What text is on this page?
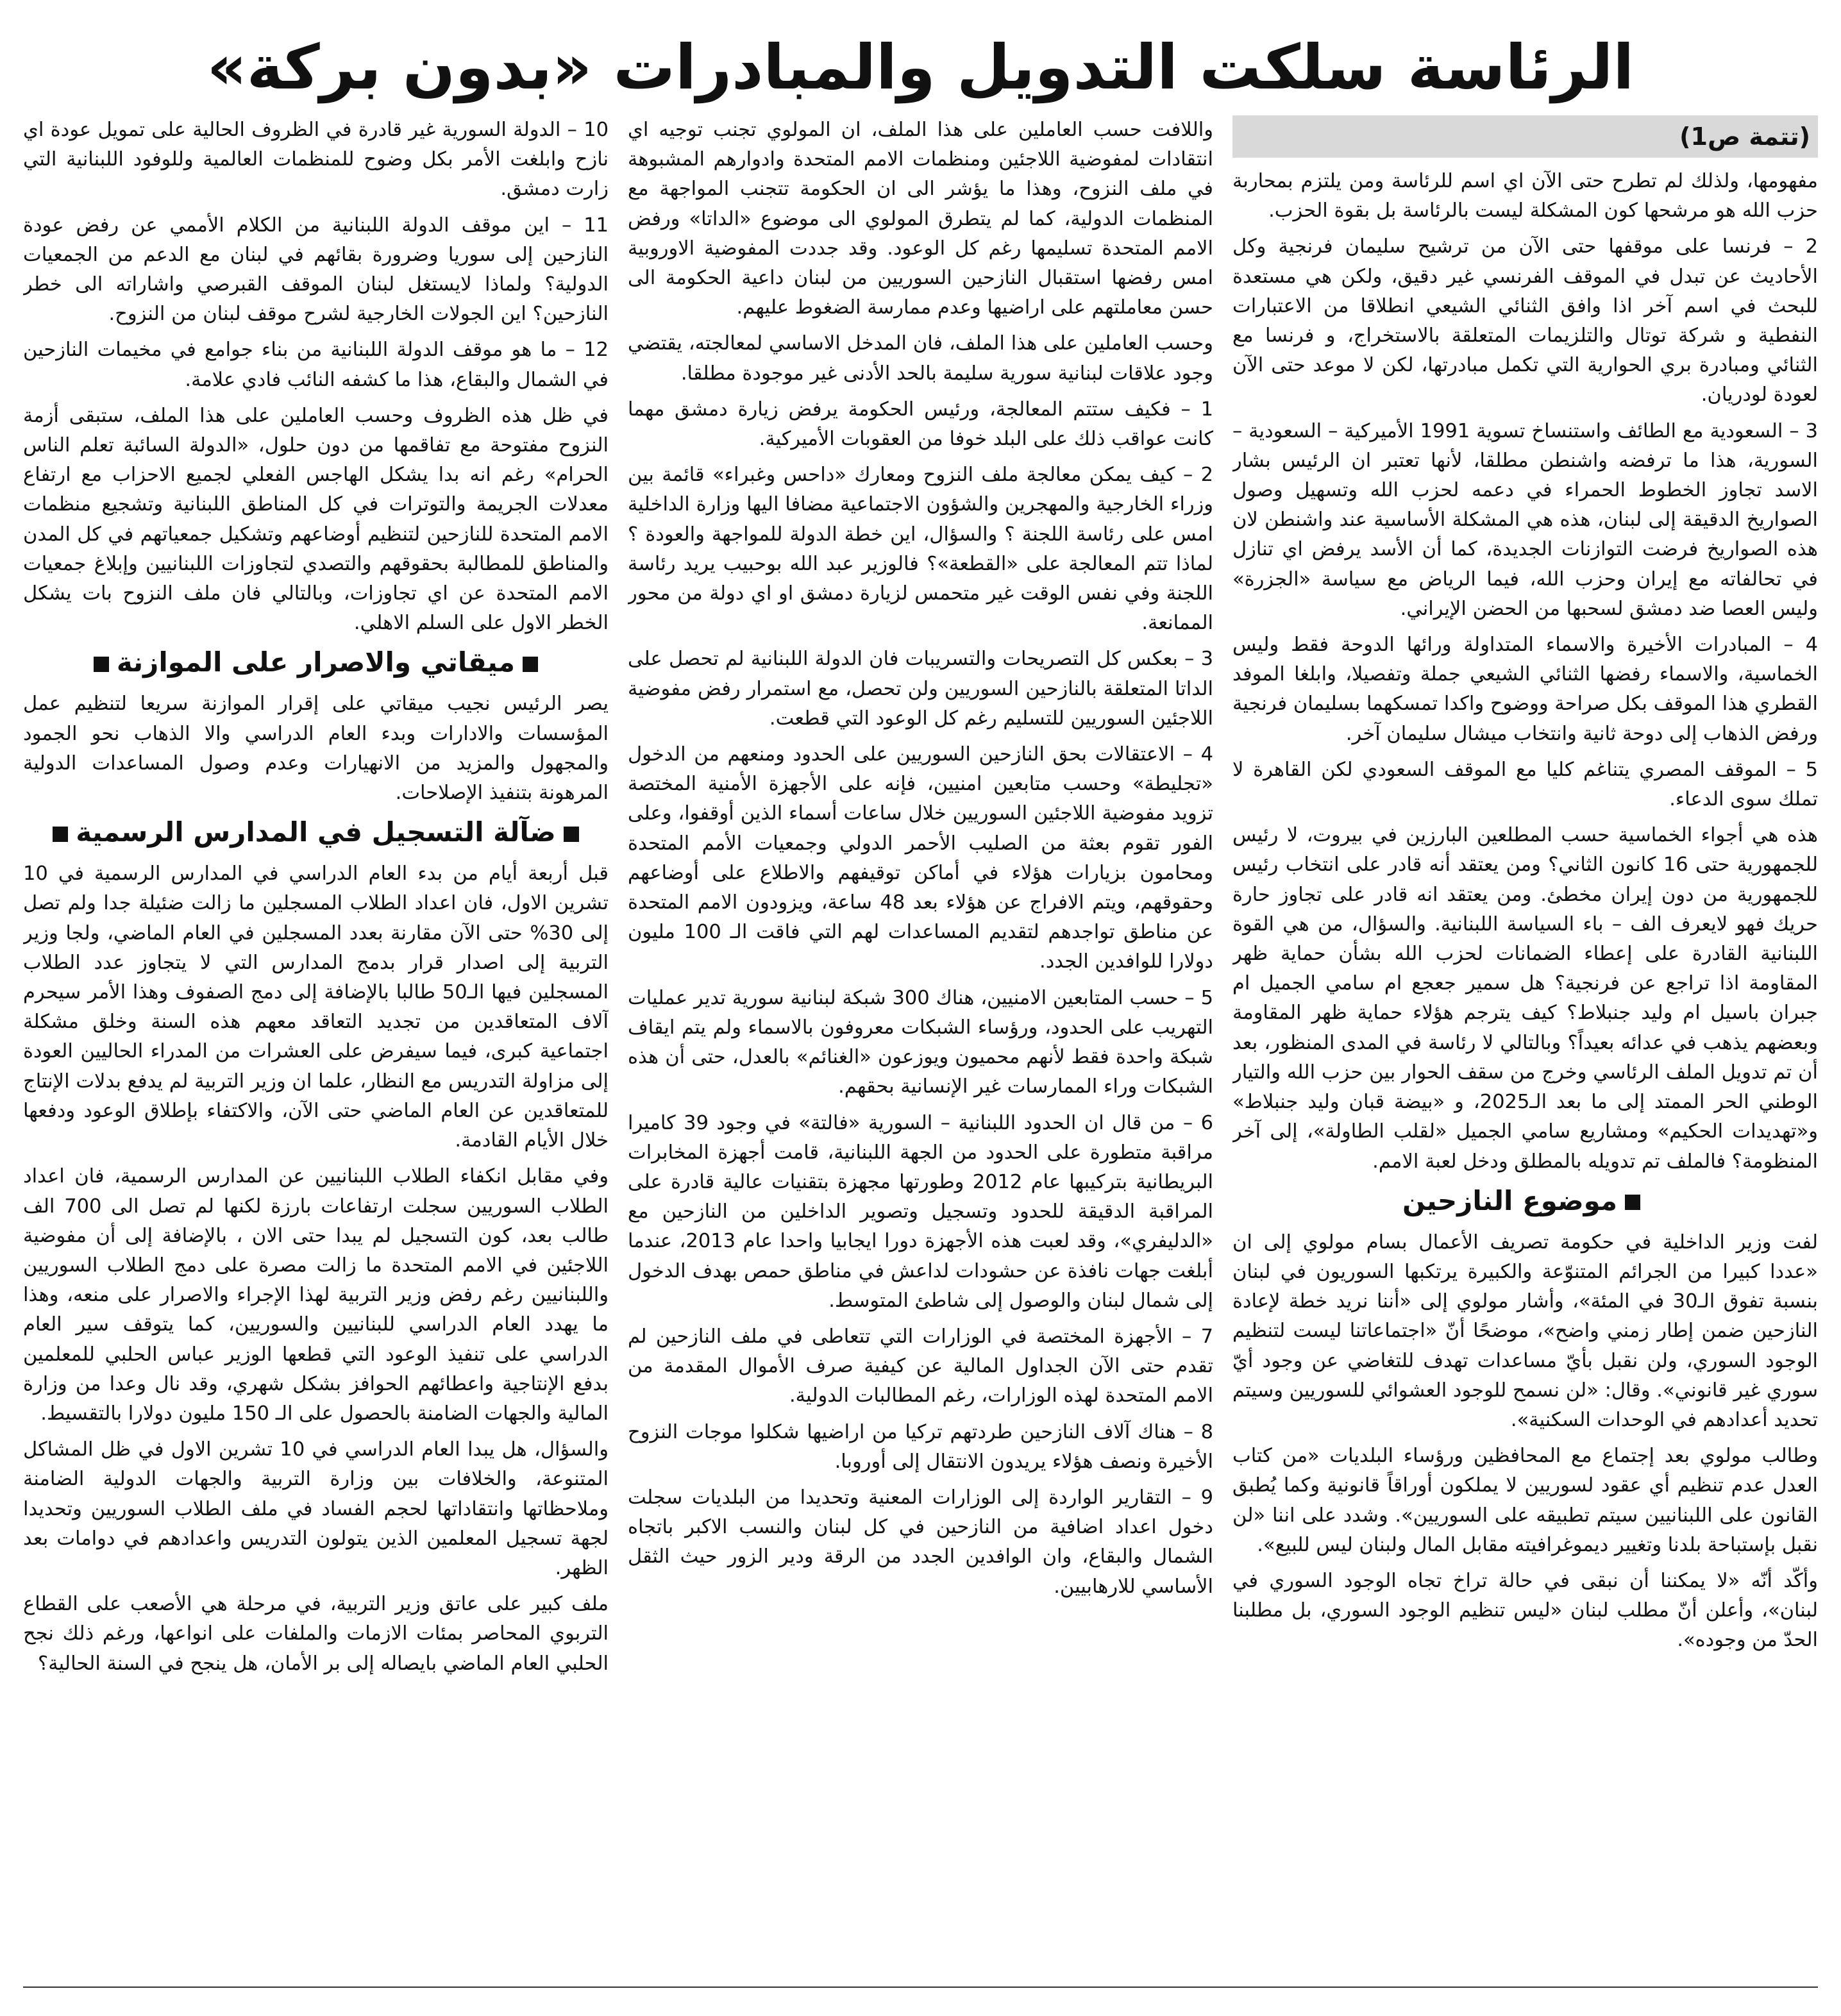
الرئاسة سلكت التدويل والمبادرات «بدون بركة»
(تتمة ص1)

مفهومها، ولذلك لم تطرح حتى الآن اي اسم للرئاسة ومن يلتزم بمحاربة حزب الله هو مرشحها كون المشكلة ليست بالرئاسة بل بقوة الحزب.

2 – فرنسا على موقفها حتى الآن من ترشيح سليمان فرنجية وكل الأحاديث عن تبدل في الموقف الفرنسي غير دقيق، ولكن هي مستعدة للبحث في اسم آخر اذا وافق الثنائي الشيعي انطلاقا من الاعتبارات النفطية و شركة توتال والتلزيمات المتعلقة بالاستخراج، و فرنسا مع الثنائي ومبادرة بري الحوارية التي تكمل مبادرتها، لكن لا موعد حتى الآن لعودة لودريان.

3 – السعودية مع الطائف واستنساخ تسوية 1991 الأميركية – السعودية – السورية، هذا ما ترفضه واشنطن مطلقا، لأنها تعتبر ان الرئيس بشار الاسد تجاوز الخطوط الحمراء في دعمه لحزب الله وتسهيل وصول الصواريخ الدقيقة إلى لبنان، هذه هي المشكلة الأساسية عند واشنطن لان هذه الصواريخ فرضت التوازنات الجديدة، كما أن الأسد يرفض اي تنازل في تحالفاته مع إيران وحزب الله، فيما الرياض مع سياسة «الجزرة» وليس العصا ضد دمشق لسحبها من الحضن الإيراني.

4 – المبادرات الأخيرة والاسماء المتداولة ورائها الدوحة فقط وليس الخماسية، والاسماء رفضها الثنائي الشيعي جملة وتفصيلا، وابلغا الموفد القطري هذا الموقف بكل صراحة ووضوح واكدا تمسكهما بسليمان فرنجية ورفض الذهاب إلى دوحة ثانية وانتخاب ميشال سليمان آخر.

5 – الموقف المصري يتناغم كليا مع الموقف السعودي لكن القاهرة لا تملك سوى الدعاء.

هذه هي أجواء الخماسية حسب المطلعين البارزين في بيروت، لا رئيس للجمهورية حتى 16 كانون الثاني؟ ومن يعتقد أنه قادر على انتخاب رئيس للجمهورية من دون إيران مخطئ. ومن يعتقد انه قادر على تجاوز حارة حريك فهو لايعرف الف – باء السياسة اللبنانية. والسؤال، من هي القوة اللبنانية القادرة على إعطاء الضمانات لحزب الله بشأن حماية ظهر المقاومة اذا تراجع عن فرنجية؟ هل سمير جعجع ام سامي الجميل ام جبران باسيل ام وليد جنبلاط؟ كيف يترجم هؤلاء حماية ظهر المقاومة وبعضهم يذهب في عدائه بعيداً؟ وبالتالي لا رئاسة في المدى المنظور، بعد أن تم تدويل الملف الرئاسي وخرج من سقف الحوار بين حزب الله والتيار الوطني الحر الممتد إلى ما بعد الـ2025، و «بيضة قبان وليد جنبلاط» و«تهديدات الحكيم» ومشاريع سامي الجميل «لقلب الطاولة»، إلى آخر المنظومة؟ فالملف تم تدويله بالمطلق ودخل لعبة الامم.

موضوع النازحين

لفت وزير الداخلية في حكومة تصريف الأعمال بسام مولوي إلى ان «عددا كبيرا من الجرائم المتنوّعة والكبيرة يرتكبها السوريون في لبنان بنسبة تفوق الـ30 في المئة»، وأشار مولوي إلى «أننا نريد خطة لإعادة النازحين ضمن إطار زمني واضح»، موضحًا أنّ «اجتماعاتنا ليست لتنظيم الوجود السوري، ولن نقبل بأيّ مساعدات تهدف للتغاضي عن وجود أيّ سوري غير قانوني». وقال: «لن نسمح للوجود العشوائي للسوريين وسيتم تحديد أعدادهم في الوحدات السكنية».

وطالب مولوي بعد إجتماع مع المحافظين ورؤساء البلديات «من كتاب العدل عدم تنظيم أي عقود لسوريين لا يملكون أوراقاً قانونية وكما يُطبق القانون على اللبنانيين سيتم تطبيقه على السوريين». وشدد على اننا «لن نقبل بإستباحة بلدنا وتغيير ديموغرافيته مقابل المال ولبنان ليس للبيع».

وأكّد أنّه «لا يمكننا أن نبقى في حالة تراخ تجاه الوجود السوري في لبنان»، وأعلن أنّ مطلب لبنان «ليس تنظيم الوجود السوري، بل مطلبنا الحدّ من وجوده».

واللافت حسب العاملين على هذا الملف، ان المولوي تجنب توجيه اي انتقادات لمفوضية اللاجئين ومنظمات الامم المتحدة وادوارهم المشبوهة في ملف النزوح، وهذا ما يؤشر الى ان الحكومة تتجنب المواجهة مع المنظمات الدولية، كما لم يتطرق المولوي الى موضوع «الداتا» ورفض الامم المتحدة تسليمها رغم كل الوعود. وقد جددت المفوضية الاوروبية امس رفضها استقبال النازحين السوريين من لبنان داعية الحكومة الى حسن معاملتهم على اراضيها وعدم ممارسة الضغوط عليهم.

وحسب العاملين على هذا الملف، فان المدخل الاساسي لمعالجته، يقتضي وجود علاقات لبنانية سورية سليمة بالحد الأدنى غير موجودة مطلقا.

1 – فكيف ستتم المعالجة، ورئيس الحكومة يرفض زيارة دمشق مهما كانت عواقب ذلك على البلد خوفا من العقوبات الأميركية.

2 – كيف يمكن معالجة ملف النزوح ومعارك «داحس وغبراء» قائمة بين وزراء الخارجية والمهجرين والشؤون الاجتماعية مضافا اليها وزارة الداخلية امس على رئاسة اللجنة ؟ والسؤال، اين خطة الدولة للمواجهة والعودة ؟ لماذا تتم المعالجة على «القطعة»؟ فالوزير عبد الله بوحبيب يريد رئاسة اللجنة وفي نفس الوقت غير متحمس لزيارة دمشق او اي دولة من محور الممانعة.

3 – بعكس كل التصريحات والتسريبات فان الدولة اللبنانية لم تحصل على الداتا المتعلقة بالنازحين السوريين ولن تحصل، مع استمرار رفض مفوضية اللاجئين السوريين للتسليم رغم كل الوعود التي قطعت.

4 – الاعتقالات بحق النازحين السوريين على الحدود ومنعهم من الدخول «تجليطة» وحسب متابعين امنيين، فإنه على الأجهزة الأمنية المختصة تزويد مفوضية اللاجئين السوريين خلال ساعات أسماء الذين أوقفوا، وعلى الفور تقوم بعثة من الصليب الأحمر الدولي وجمعيات الأمم المتحدة ومحامون بزيارات هؤلاء في أماكن توقيفهم والاطلاع على أوضاعهم وحقوقهم، ويتم الافراج عن هؤلاء بعد 48 ساعة، ويزودون الامم المتحدة عن مناطق تواجدهم لتقديم المساعدات لهم التي فاقت الـ 100 مليون دولارا للوافدين الجدد.

5 – حسب المتابعين الامنيين، هناك 300 شبكة لبنانية سورية تدير عمليات التهريب على الحدود، ورؤساء الشبكات معروفون بالاسماء ولم يتم ايقاف شبكة واحدة فقط لأنهم محميون ويوزعون «الغنائم» بالعدل، حتى أن هذه الشبكات وراء الممارسات غير الإنسانية بحقهم.

6 – من قال ان الحدود اللبنانية – السورية «فالتة» في وجود 39 كاميرا مراقبة متطورة على الحدود من الجهة اللبنانية، قامت أجهزة المخابرات البريطانية بتركيبها عام 2012 وطورتها مجهزة بتقنيات عالية قادرة على المراقبة الدقيقة للحدود وتسجيل وتصوير الداخلين من النازحين مع «الدليفري»، وقد لعبت هذه الأجهزة دورا ايجابيا واحدا عام 2013، عندما أبلغت جهات نافذة عن حشودات لداعش في مناطق حمص بهدف الدخول إلى شمال لبنان والوصول إلى شاطئ المتوسط.

7 – الأجهزة المختصة في الوزارات التي تتعاطى في ملف النازحين لم تقدم حتى الآن الجداول المالية عن كيفية صرف الأموال المقدمة من الامم المتحدة لهذه الوزارات، رغم المطالبات الدولية.

8 – هناك آلاف النازحين طردتهم تركيا من اراضيها شكلوا موجات النزوح الأخيرة ونصف هؤلاء يريدون الانتقال إلى أوروبا.

9 – التقارير الواردة إلى الوزارات المعنية وتحديدا من البلديات سجلت دخول اعداد اضافية من النازحين في كل لبنان والنسب الاكبر باتجاه الشمال والبقاع، وان الوافدين الجدد من الرقة ودير الزور حيث الثقل الأساسي للارهابيين.

10 – الدولة السورية غير قادرة في الظروف الحالية على تمويل عودة اي نازح وابلغت الأمر بكل وضوح للمنظمات العالمية وللوفود اللبنانية التي زارت دمشق.

11 – اين موقف الدولة اللبنانية من الكلام الأممي عن رفض عودة النازحين إلى سوريا وضرورة بقائهم في لبنان مع الدعم من الجمعيات الدولية؟ ولماذا لايستغل لبنان الموقف القبرصي واشاراته الى خطر النازحين؟ اين الجولات الخارجية لشرح موقف لبنان من النزوح.

12 – ما هو موقف الدولة اللبنانية من بناء جوامع في مخيمات النازحين في الشمال والبقاع، هذا ما كشفه النائب فادي علامة.

في ظل هذه الظروف وحسب العاملين على هذا الملف، ستبقى أزمة النزوح مفتوحة مع تفاقمها من دون حلول، «الدولة السائبة تعلم الناس الحرام» رغم انه بدا يشكل الهاجس الفعلي لجميع الاحزاب مع ارتفاع معدلات الجريمة والتوترات في كل المناطق اللبنانية وتشجيع منظمات الامم المتحدة للنازحين لتنظيم أوضاعهم وتشكيل جمعياتهم في كل المدن والمناطق للمطالبة بحقوقهم والتصدي لتجاوزات اللبنانيين وإبلاغ جمعيات الامم المتحدة عن اي تجاوزات، وبالتالي فان ملف النزوح بات يشكل الخطر الاول على السلم الاهلي.

ميقاتي والاصرار على الموازنة

يصر الرئيس نجيب ميقاتي على إقرار الموازنة سريعا لتنظيم عمل المؤسسات والادارات وبدء العام الدراسي والا الذهاب نحو الجمود والمجهول والمزيد من الانهيارات وعدم وصول المساعدات الدولية المرهونة بتنفيذ الإصلاحات.

ضآلة التسجيل في المدارس الرسمية

قبل أربعة أيام من بدء العام الدراسي في المدارس الرسمية في 10 تشرين الاول، فان اعداد الطلاب المسجلين ما زالت ضئيلة جدا ولم تصل إلى 30% حتى الآن مقارنة بعدد المسجلين في العام الماضي، ولجا وزير التربية إلى اصدار قرار بدمج المدارس التي لا يتجاوز عدد الطلاب المسجلين فيها الـ50 طالبا بالإضافة إلى دمج الصفوف وهذا الأمر سيحرم آلاف المتعاقدين من تجديد التعاقد معهم هذه السنة وخلق مشكلة اجتماعية كبرى، فيما سيفرض على العشرات من المدراء الحاليين العودة إلى مزاولة التدريس مع النظار، علما ان وزير التربية لم يدفع بدلات الإنتاج للمتعاقدين عن العام الماضي حتى الآن، والاكتفاء بإطلاق الوعود ودفعها خلال الأيام القادمة.

وفي مقابل انكفاء الطلاب اللبنانيين عن المدارس الرسمية، فان اعداد الطلاب السوريين سجلت ارتفاعات بارزة لكنها لم تصل الى 700 الف طالب بعد، كون التسجيل لم يبدا حتى الان ، بالإضافة إلى أن مفوضية اللاجئين في الامم المتحدة ما زالت مصرة على دمج الطلاب السوريين واللبنانيين رغم رفض وزير التربية لهذا الإجراء والاصرار على منعه، وهذا ما يهدد العام الدراسي للبنانيين والسوريين، كما يتوقف سير العام الدراسي على تنفيذ الوعود التي قطعها الوزير عباس الحلبي للمعلمين بدفع الإنتاجية واعطائهم الحوافز بشكل شهري، وقد نال وعدا من وزارة المالية والجهات الضامنة بالحصول على الـ 150 مليون دولارا بالتقسيط.

والسؤال، هل يبدا العام الدراسي في 10 تشرين الاول في ظل المشاكل المتنوعة، والخلافات بين وزارة التربية والجهات الدولية الضامنة وملاحظاتها وانتقاداتها لحجم الفساد في ملف الطلاب السوريين وتحديدا لجهة تسجيل المعلمين الذين يتولون التدريس واعدادهم في دوامات بعد الظهر.

ملف كبير على عاتق وزير التربية، في مرحلة هي الأصعب على القطاع التربوي المحاصر بمئات الازمات والملفات على انواعها، ورغم ذلك نجح الحلبي العام الماضي بايصاله إلى بر الأمان، هل ينجح في السنة الحالية؟
